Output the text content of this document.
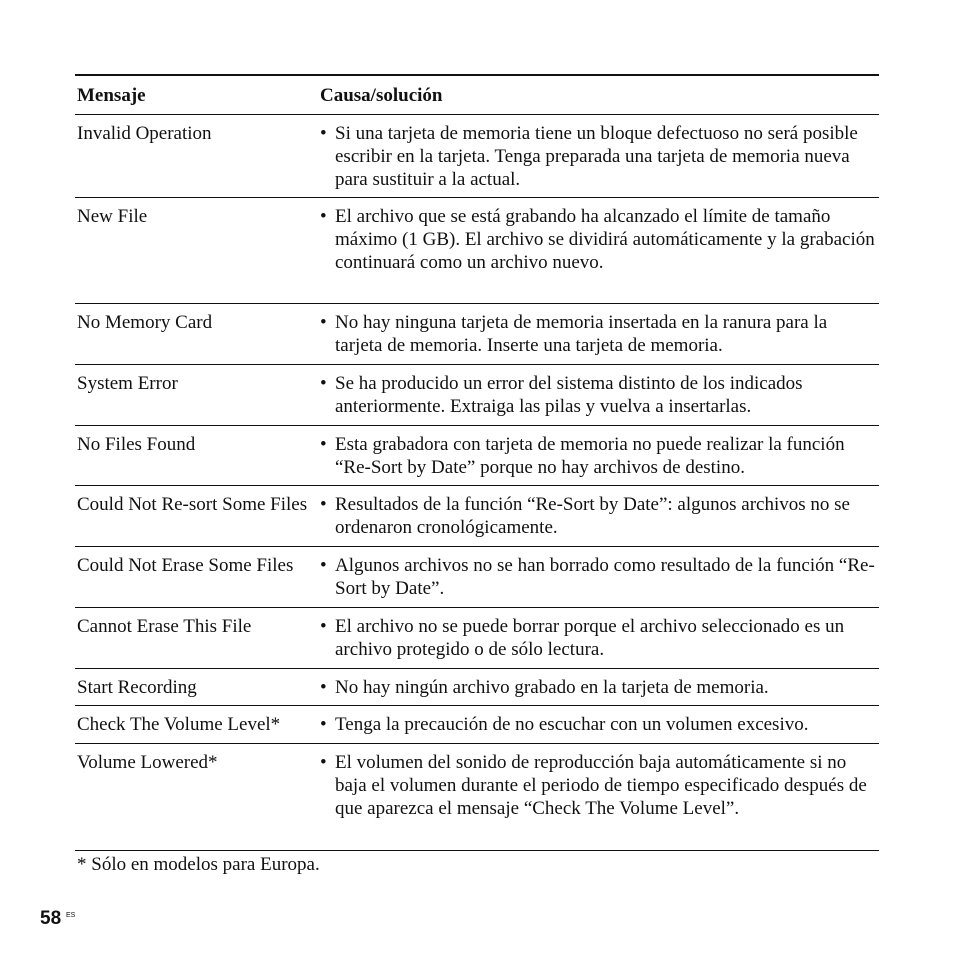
Mensaje	Causa/solución
Invalid Operation	• Si una tarjeta de memoria tiene un bloque defectuoso no será posible escribir en la tarjeta. Tenga preparada una tarjeta de memoria nueva para sustituir a la actual.
New File	• El archivo que se está grabando ha alcanzado el límite de tamaño máximo (1 GB). El archivo se dividirá automáticamente y la grabación continuará como un archivo nuevo.
No Memory Card	• No hay ninguna tarjeta de memoria insertada en la ranura para la tarjeta de memoria. Inserte una tarjeta de memoria.
System Error	• Se ha producido un error del sistema distinto de los indicados anteriormente. Extraiga las pilas y vuelva a insertarlas.
No Files Found	• Esta grabadora con tarjeta de memoria no puede realizar la función “Re-Sort by Date” porque no hay archivos de destino.
Could Not Re-sort Some Files • Resultados de la función “Re-Sort by Date”: algunos archivos no se ordenaron cronológicamente.
Could Not Erase Some Files	• Algunos archivos no se han borrado como resultado de la función “Re-Sort by Date”.
Cannot Erase This File	• El archivo no se puede borrar porque el archivo seleccionado es un archivo protegido o de sólo lectura.
Start Recording	• No hay ningún archivo grabado en la tarjeta de memoria.
Check The Volume Level*	• Tenga la precaución de no escuchar con un volumen excesivo.
Volume Lowered*	• El volumen del sonido de reproducción baja automáticamente si no baja el volumen durante el periodo de tiempo especificado después de que aparezca el mensaje “Check The Volume Level”.
* Sólo en modelos para Europa.
58 ES
